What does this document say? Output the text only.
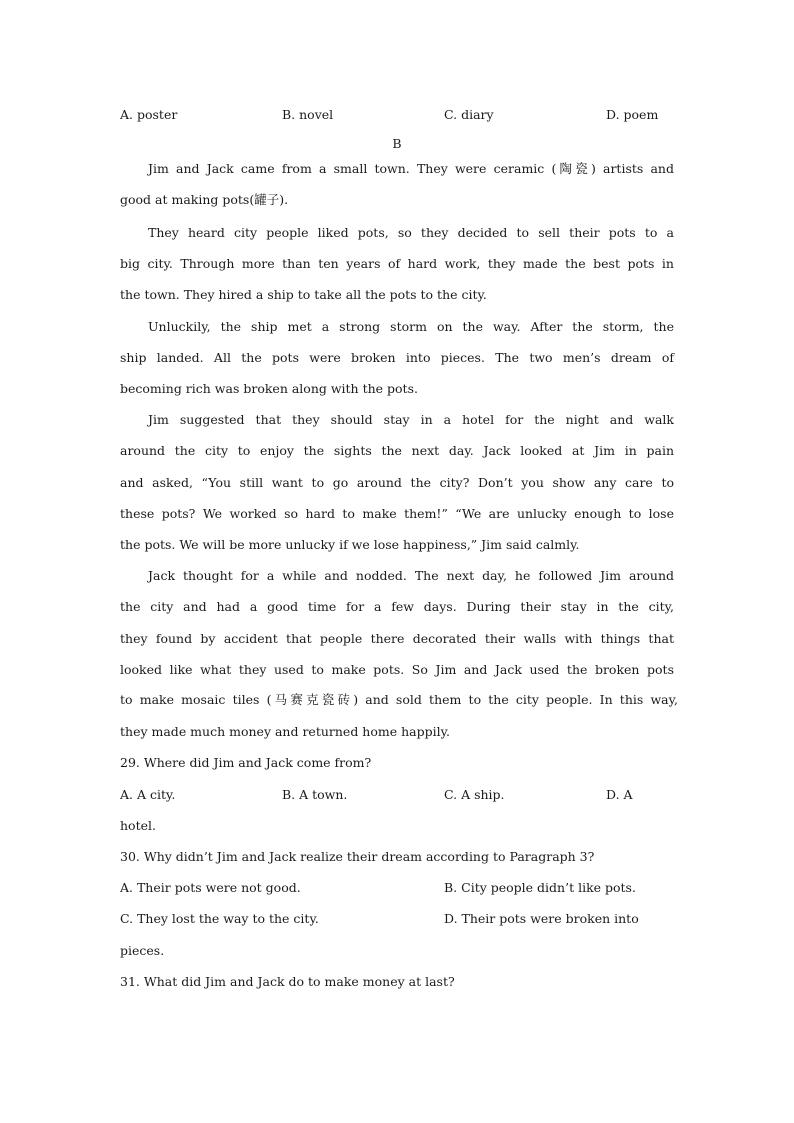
A. poster	B. novel	C. diary	D. poem
B
Jim and Jack came from a small town. They were ceramic (陶瓷) artists and
good at making pots(罐子).
They heard city people liked pots, so they decided to sell their pots to a
big city. Through more than ten years of hard work, they made the best pots in
the town. They hired a ship to take all the pots to the city.
Unluckily, the ship met a strong storm on the way. After the storm, the
ship landed. All the pots were broken into pieces. The two men’s dream of
becoming rich was broken along with the pots.
Jim suggested that they should stay in a hotel for the night and walk
around the city to enjoy the sights the next day. Jack looked at Jim in pain
and asked, “You still want to go around the city? Don’t you show any care to
these pots? We worked so hard to make them!” “We are unlucky enough to lose
the pots. We will be more unlucky if we lose happiness,” Jim said calmly.
Jack thought for a while and nodded. The next day, he followed Jim around
the city and had a good time for a few days. During their stay in the city,
they found by accident that people there decorated their walls with things that
looked like what they used to make pots. So Jim and Jack used the broken pots
to make mosaic tiles (马赛克瓷砖) and sold them to the city people. In this way,
they made much money and returned home happily.
29. Where did Jim and Jack come from?
A. A city.	B. A town.	C. A ship.	D. A
hotel.
30. Why didn’t Jim and Jack realize their dream according to Paragraph 3?
A. Their pots were not good.	B. City people didn’t like pots.
C. They lost the way to the city.	D. Their pots were broken into
pieces.
31. What did Jim and Jack do to make money at last?
